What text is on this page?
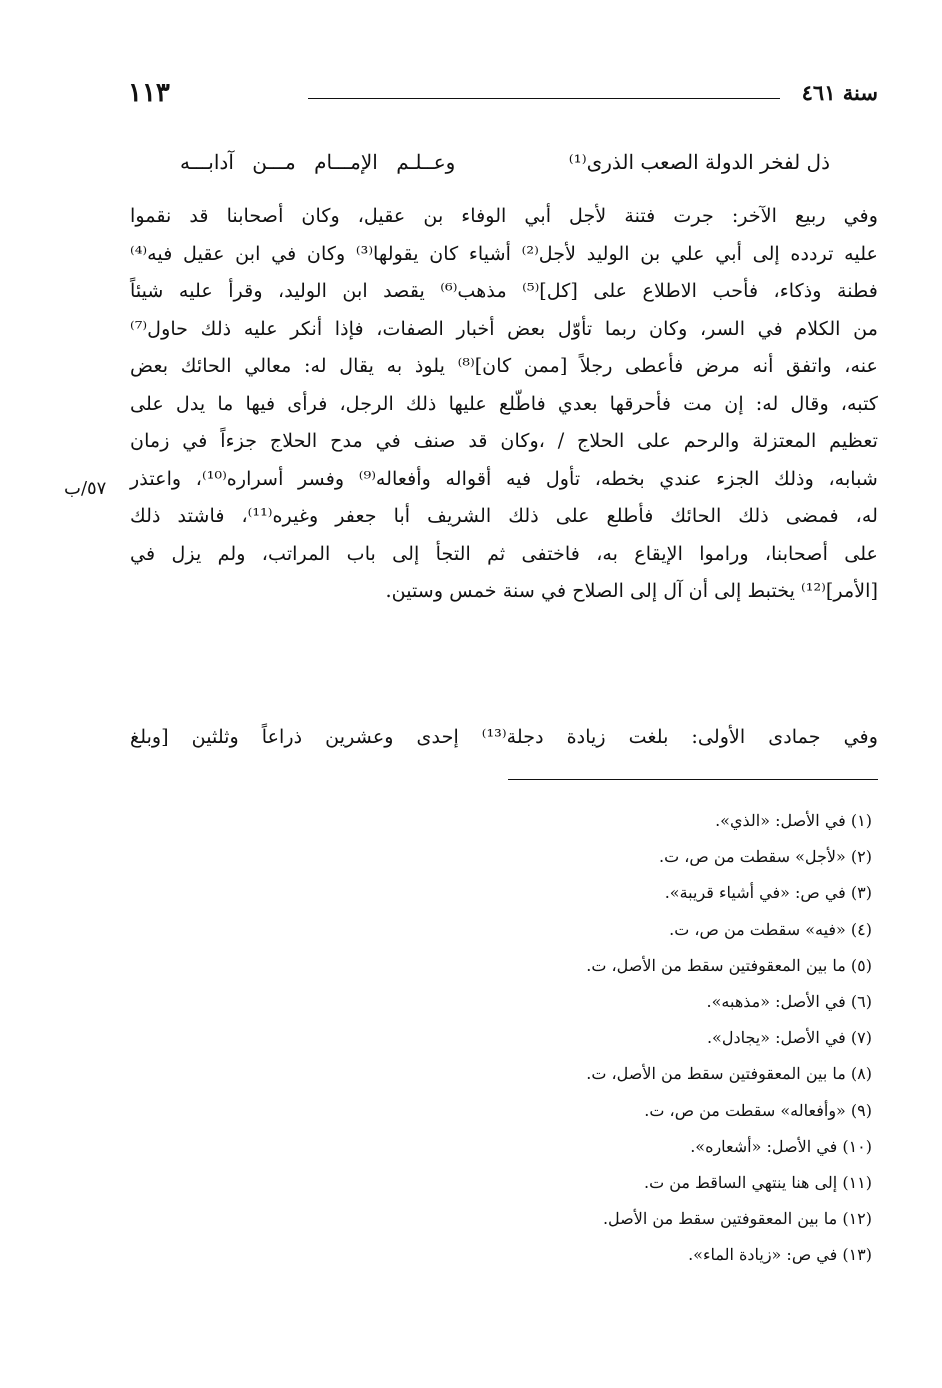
١١٣	سنة ٤٦١
ذل لفخر الدولة الصعب الذرى⁽¹⁾
وعــلـم الإمـــام مـــن آدابـــه
وفي ربيع الآخر: جرت فتنة لأجل أبي الوفاء بن عقيل، وكان أصحابنا قد نقموا
عليه تردده إلى أبي علي بن الوليد لأجل⁽²⁾ أشياء كان يقولها⁽³⁾ وكان في ابن عقيل فيه⁽⁴⁾
فطنة وذكاء، فأحب الاطلاع على [كل]⁽⁵⁾ مذهب⁽⁶⁾ يقصد ابن الوليد، وقرأ عليه شيئاً
من الكلام في السر، وكان ربما تأوّل بعض أخبار الصفات، فإذا أنكر عليه ذلك حاول⁽⁷⁾
عنه، واتفق أنه مرض فأعطى رجلاً [ممن كان]⁽⁸⁾ يلوذ به يقال له: معالي الحائك بعض
كتبه، وقال له: إن مت فأحرقها بعدي فاطّلع عليها ذلك الرجل، فرأى فيها ما يدل على
تعظيم المعتزلة والرحم على الحلاج / ،وكان قد صنف في مدح الحلاج جزءاً في زمان
شبابه، وذلك الجزء عندي بخطه، تأول فيه أقواله وأفعاله⁽⁹⁾ وفسر أسراره⁽¹⁰⁾، واعتذر
له، فمضى ذلك الحائك فأطلع على ذلك الشريف أبا جعفر وغيره⁽¹¹⁾، فاشتد ذلك
على أصحابنا، وراموا الإيقاع به، فاختفى ثم التجأ إلى باب المراتب، ولم يزل في
[الأمر]⁽¹²⁾ يختبط إلى أن آل إلى الصلاح في سنة خمس وستين.
٥٧/ب
وفي جمادى الأولى: بلغت زيادة دجلة⁽¹³⁾ إحدى وعشرين ذراعاً وثلثين [وبلغ
(١) في الأصل: «الذي».
(٢) «لأجل» سقطت من ص، ت.
(٣) في ص: «في أشياء قريبة».
(٤) «فيه» سقطت من ص، ت.
(٥) ما بين المعقوفتين سقط من الأصل، ت.
(٦) في الأصل: «مذهبه».
(٧) في الأصل: «يجادل».
(٨) ما بين المعقوفتين سقط من الأصل، ت.
(٩) «وأفعاله» سقطت من ص، ت.
(١٠) في الأصل: «أشعاره».
(١١) إلى هنا ينتهي الساقط من ت.
(١٢) ما بين المعقوفتين سقط من الأصل.
(١٣) في ص: «زيادة الماء».
